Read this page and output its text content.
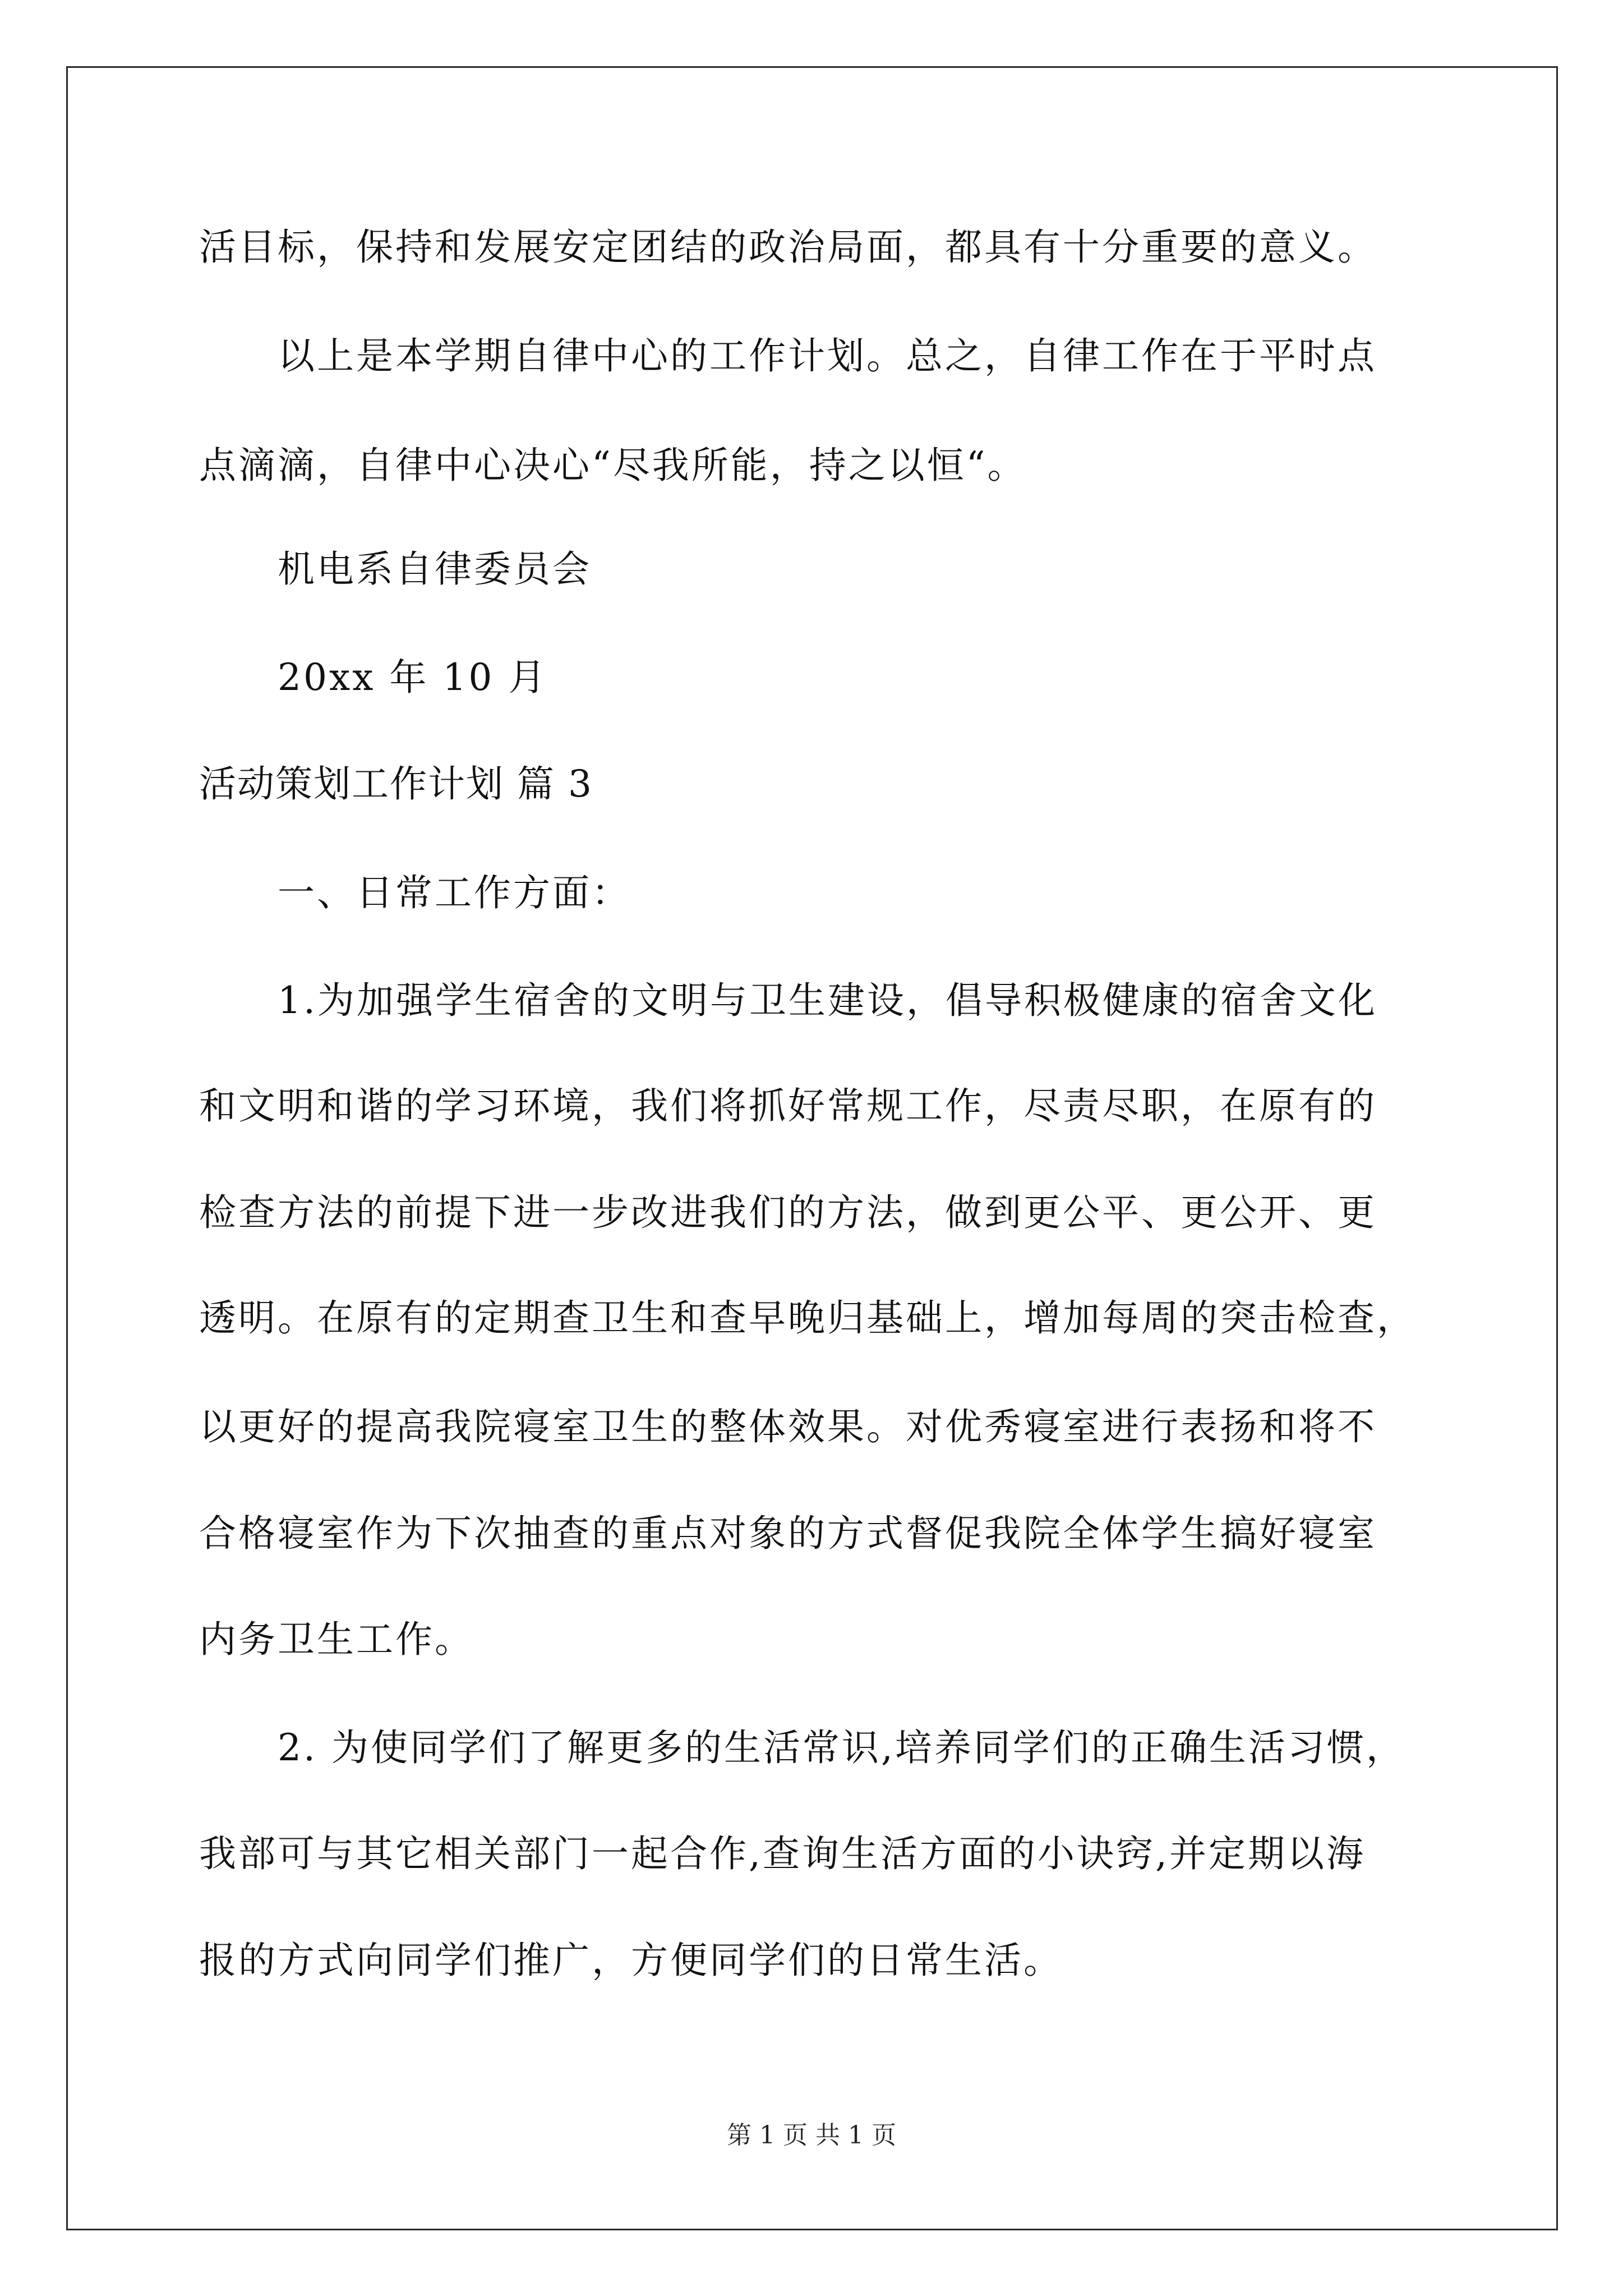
活目标，保持和发展安定团结的政治局面，都具有十分重要的意义。
以上是本学期自律中心的工作计划。总之，自律工作在于平时点
点滴滴，自律中心决心“尽我所能，持之以恒“。
机电系自律委员会
20xx 年 10 月
活动策划工作计划 篇 3
一、日常工作方面：
1.为加强学生宿舍的文明与卫生建设，倡导积极健康的宿舍文化
和文明和谐的学习环境，我们将抓好常规工作，尽责尽职，在原有的
检查方法的前提下进一步改进我们的方法，做到更公平、更公开、更
透明。在原有的定期查卫生和查早晚归基础上，增加每周的突击检查，
以更好的提高我院寝室卫生的整体效果。对优秀寝室进行表扬和将不
合格寝室作为下次抽查的重点对象的方式督促我院全体学生搞好寝室
内务卫生工作。
2. 为使同学们了解更多的生活常识,培养同学们的正确生活习惯，
我部可与其它相关部门一起合作,查询生活方面的小诀窍,并定期以海
报的方式向同学们推广，方便同学们的日常生活。
第 1 页 共 1 页
